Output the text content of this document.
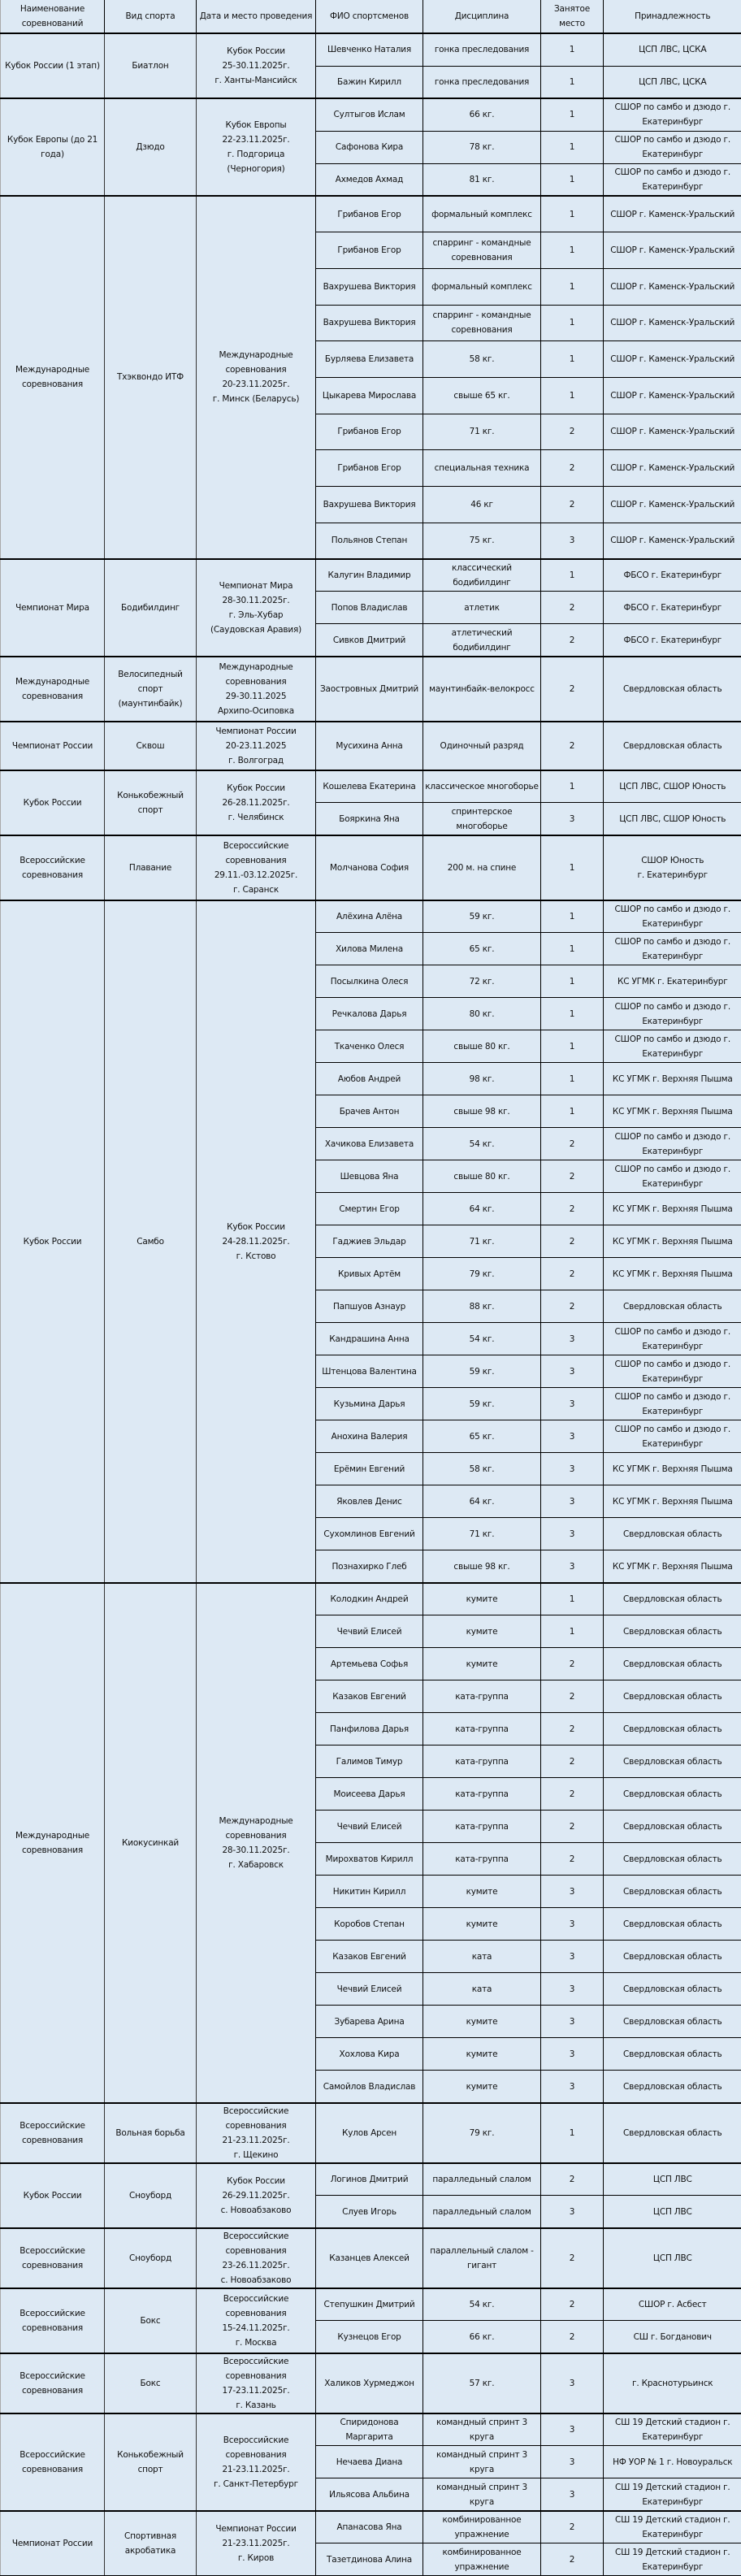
Наименование соревнований	Вид спорта	Дата и место проведения	ФИО спортсменов	Дисциплина	Занятое место	Принадлежность

Кубок России (1 этап)	Биатлон	Кубок России
25-30.11.2025г.
г. Ханты-Мансийск	Шевченко Наталия	гонка преследования	1	ЦСП ЛВС, ЦСКА

			Бажин Кирилл	гонка преследования	1	ЦСП ЛВС, ЦСКА

Кубок Европы (до 21 года)	Дзюдо	Кубок Европы
22-23.11.2025г.
г. Подгорица
(Черногория)	Султыгов Ислам	66 кг.	1	СШОР по самбо и дзюдо г. Екатеринбург

			Сафонова Кира	78 кг.	1	СШОР по самбо и дзюдо г. Екатеринбург

			Ахмедов Ахмад	81 кг.	1	СШОР по самбо и дзюдо г. Екатеринбург

Международные соревнования	Тхэквондо ИТФ	Международные
соревнования
20-23.11.2025г.
г. Минск (Беларусь)	Грибанов Егор	формальный комплекс	1	СШОР г. Каменск-Уральский

			Грибанов Егор	спарринг - командные соревнования	1	СШОР г. Каменск-Уральский

			Вахрушева Виктория	формальный комплекс	1	СШОР г. Каменск-Уральский

			Вахрушева Виктория	спарринг - командные соревнования	1	СШОР г. Каменск-Уральский

			Бурляева Елизавета	58 кг.	1	СШОР г. Каменск-Уральский

			Цыкарева Мирослава	свыше 65 кг.	1	СШОР г. Каменск-Уральский

			Грибанов Егор	71 кг.	2	СШОР г. Каменск-Уральский

			Грибанов Егор	специальная техника	2	СШОР г. Каменск-Уральский

			Вахрушева Виктория	46 кг	2	СШОР г. Каменск-Уральский

			Польянов Степан	75 кг.	3	СШОР г. Каменск-Уральский

Чемпионат Мира	Бодибилдинг	Чемпионат Мира
28-30.11.2025г.
г. Эль-Хубар
(Саудовская Аравия)	Калугин Владимир	классический бодибилдинг	1	ФБСО г. Екатеринбург

			Попов Владислав	атлетик	2	ФБСО г. Екатеринбург

			Сивков Дмитрий	атлетический бодибилдинг	2	ФБСО г. Екатеринбург

Международные соревнования	Велосипедный спорт (маунтинбайк)	Международные
соревнования
29-30.11.2025
Архипо-Осиповка	Заостровных Дмитрий	маунтинбайк-велокросс	2	Свердловская область

Чемпионат России	Сквош	Чемпионат России
20-23.11.2025
г. Волгоград	Мусихина Анна	Одиночный разряд	2	Свердловская область

Кубок России	Конькобежный спорт	Кубок России
26-28.11.2025г.
г. Челябинск	Кошелева Екатерина	классическое многоборье	1	ЦСП ЛВС, СШОР Юность

			Бояркина Яна	спринтерское многоборье	3	ЦСП ЛВС, СШОР Юность

Всероссийские соревнования	Плавание	Всероссийские
соревнования
29.11.-03.12.2025г.
г. Саранск	Молчанова София	200 м. на спине	1	СШОР Юность
г. Екатеринбург

Кубок России	Самбо	Кубок России
24-28.11.2025г.
г. Кстово	Алёхина Алёна	59 кг.	1	СШОР по самбо и дзюдо г. Екатеринбург

			Хилова Милена	65 кг.	1	СШОР по самбо и дзюдо г. Екатеринбург

			Посылкина Олеся	72 кг.	1	КС УГМК г. Екатеринбург

			Речкалова Дарья	80 кг.	1	СШОР по самбо и дзюдо г. Екатеринбург

			Ткаченко Олеся	свыше 80 кг.	1	СШОР по самбо и дзюдо г. Екатеринбург

			Аюбов Андрей	98 кг.	1	КС УГМК г. Верхняя Пышма

			Брачев Антон	свыше 98 кг.	1	КС УГМК г. Верхняя Пышма

			Хачикова Елизавета	54 кг.	2	СШОР по самбо и дзюдо г. Екатеринбург

			Шевцова Яна	свыше 80 кг.	2	СШОР по самбо и дзюдо г. Екатеринбург

			Смертин Егор	64 кг.	2	КС УГМК г. Верхняя Пышма

			Гаджиев Эльдар	71 кг.	2	КС УГМК г. Верхняя Пышма

			Кривых Артём	79 кг.	2	КС УГМК г. Верхняя Пышма

			Папшуов Азнаур	88 кг.	2	Свердловская область

			Кандрашина Анна	54 кг.	3	СШОР по самбо и дзюдо г. Екатеринбург

			Штенцова Валентина	59 кг.	3	СШОР по самбо и дзюдо г. Екатеринбург

			Кузьмина Дарья	59 кг.	3	СШОР по самбо и дзюдо г. Екатеринбург

			Анохина Валерия	65 кг.	3	СШОР по самбо и дзюдо г. Екатеринбург

			Ерёмин Евгений	58 кг.	3	КС УГМК г. Верхняя Пышма

			Яковлев Денис	64 кг.	3	КС УГМК г. Верхняя Пышма

			Сухомлинов Евгений	71 кг.	3	Свердловская область

			Познахирко Глеб	свыше 98 кг.	3	КС УГМК г. Верхняя Пышма

Международные соревнования	Киокусинкай	Международные
соревнования
28-30.11.2025г.
г. Хабаровск	Колодкин Андрей	кумите	1	Свердловская область

			Чечвий Елисей	кумите	1	Свердловская область

			Артемьева Софья	кумите	2	Свердловская область

			Казаков Евгений	ката-группа	2	Свердловская область

			Панфилова Дарья	ката-группа	2	Свердловская область

			Галимов Тимур	ката-группа	2	Свердловская область

			Моисеева Дарья	ката-группа	2	Свердловская область

			Чечвий Елисей	ката-группа	2	Свердловская область

			Мирохватов Кирилл	ката-группа	2	Свердловская область

			Никитин Кирилл	кумите	3	Свердловская область

			Коробов Степан	кумите	3	Свердловская область

			Казаков Евгений	ката	3	Свердловская область

			Чечвий Елисей	ката	3	Свердловская область

			Зубарева Арина	кумите	3	Свердловская область

			Хохлова Кира	кумите	3	Свердловская область

			Самойлов Владислав	кумите	3	Свердловская область

Всероссийские соревнования	Вольная борьба	Всероссийские
соревнования
21-23.11.2025г.
г. Щекино	Кулов Арсен	79 кг.	1	Свердловская область

Кубок России	Сноуборд	Кубок России
26-29.11.2025г.
с. Новоабзаково	Логинов Дмитрий	паралледьный слалом	2	ЦСП ЛВС

			Слуев Игорь	паралледьный слалом	3	ЦСП ЛВС

Всероссийские соревнования	Сноуборд	Всероссийские
соревнования
23-26.11.2025г.
с. Новоабзаково	Казанцев Алексей	параллельный слалом - гигант	2	ЦСП ЛВС

Всероссийские соревнования	Бокс	Всероссийские
соревнования
15-24.11.2025г.
г. Москва	Степушкин Дмитрий	54 кг.	2	СШОР г. Асбест

			Кузнецов Егор	66 кг.	2	СШ г. Богданович

Всероссийские соревнования	Бокс	Всероссийские
соревнования
17-23.11.2025г.
г. Казань	Халиков Хурмеджон	57 кг.	3	г. Краснотурьинск

Всероссийские соревнования	Конькобежный спорт	Всероссийские
соревнования
21-23.11.2025г.
г. Санкт-Петербург	Спиридонова Маргарита	командный спринт 3 круга	3	СШ 19 Детский стадион г. Екатеринбург

			Нечаева Диана	командный спринт 3 круга	3	НФ УОР № 1 г. Новоуральск

			Ильясова Альбина	командный спринт 3 круга	3	СШ 19 Детский стадион г. Екатеринбург

Чемпионат России	Спортивная акробатика	Чемпионат России
21-23.11.2025г.
г. Киров	Апанасова Яна	комбинированное упражнение	2	СШ 19 Детский стадион г. Екатеринбург

			Тазетдинова Алина	комбинированное упражнение	2	СШ 19 Детский стадион г. Екатеринбург
